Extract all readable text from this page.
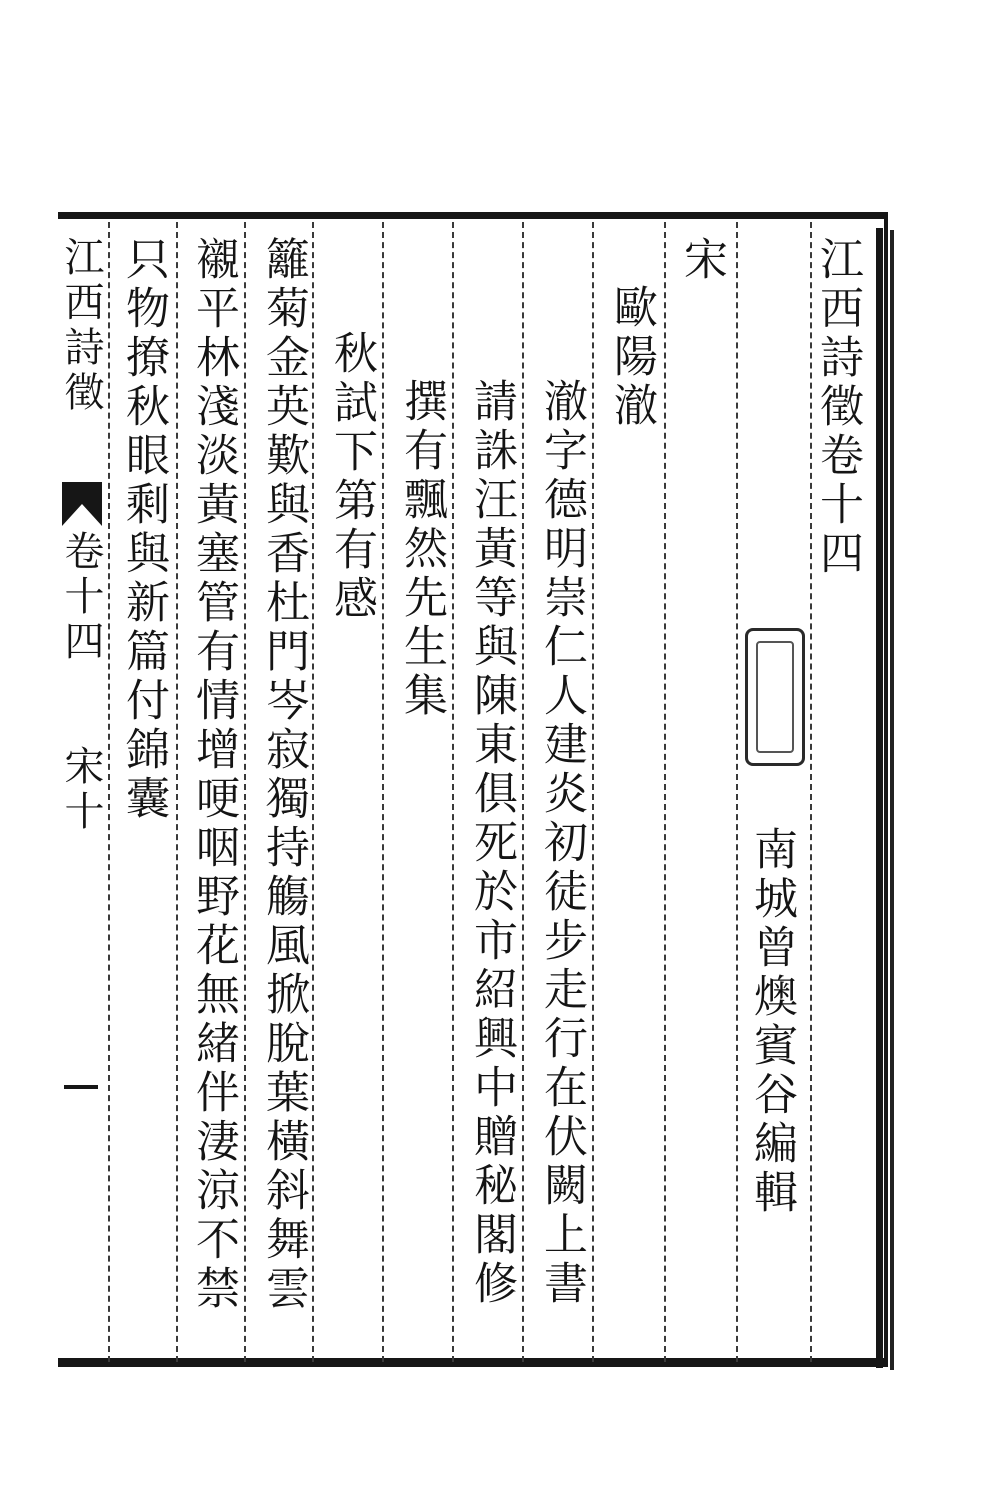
江西詩徵卷十四
南城曾燠賓谷編輯
宋
歐陽澈
澈字德明崇仁人建炎初徒步走行在伏闕上書
請誅汪黃等與陳東俱死於市紹興中贈秘閣修
撰有飄然先生集
秋試下第有感
籬菊金英歎與香杜門岑寂獨持觴風掀脫葉橫斜舞雲
襯平林淺淡黃塞管有情增哽咽野花無緒伴淒涼不禁
只物撩秋眼剩與新篇付錦囊
江西詩徵
卷十四
宋十
